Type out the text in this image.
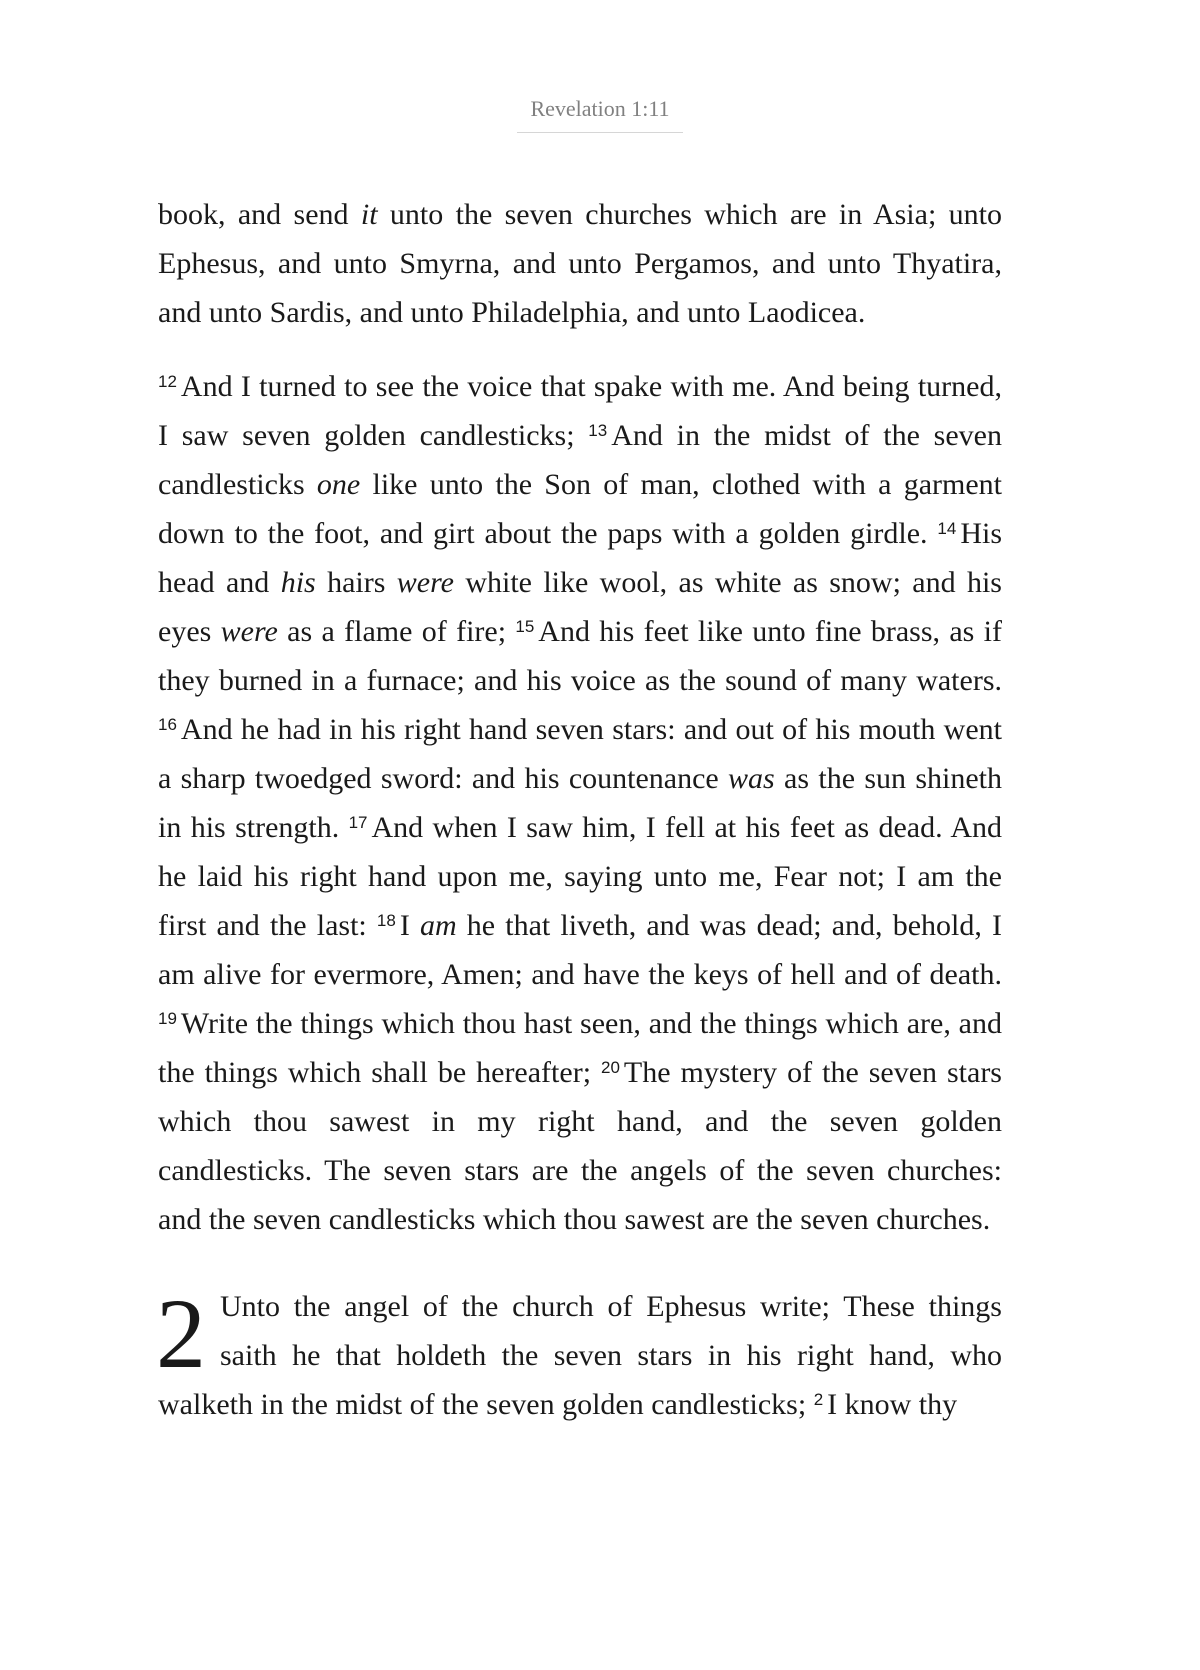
Revelation 1:11

book, and send it unto the seven churches which are in Asia; unto Ephesus, and unto Smyrna, and unto Pergamos, and unto Thyatira, and unto Sardis, and unto Philadelphia, and unto Laodicea.

$^{12}$ And I turned to see the voice that spake with me. And being turned, I saw seven golden candlesticks; $^{13}$ And in the midst of the seven candlesticks one like unto the Son of man, clothed with a garment down to the foot, and girt about the paps with a golden girdle. $^{14}$ His head and his hairs were white like wool, as white as snow; and his eyes were as a flame of fire; $^{15}$ And his feet like unto fine brass, as if they burned in a furnace; and his voice as the sound of many waters. $^{16}$ And he had in his right hand seven stars: and out of his mouth went a sharp twoedged sword: and his countenance was as the sun shineth in his strength. $^{17}$ And when I saw him, I fell at his feet as dead. And he laid his right hand upon me, saying unto me, Fear not; I am the first and the last: $^{18}$ I am he that liveth, and was dead; and, behold, I am alive for evermore, Amen; and have the keys of hell and of death. $^{19}$ Write the things which thou hast seen, and the things which are, and the things which shall be hereafter; $^{20}$ The mystery of the seven stars which thou sawest in my right hand, and the seven golden candlesticks. The seven stars are the angels of the seven churches: and the seven candlesticks which thou sawest are the seven churches.

2 Unto the angel of the church of Ephesus write; These things saith he that holdeth the seven stars in his right hand, who walketh in the midst of the seven golden candlesticks; $^2$ I know thy
